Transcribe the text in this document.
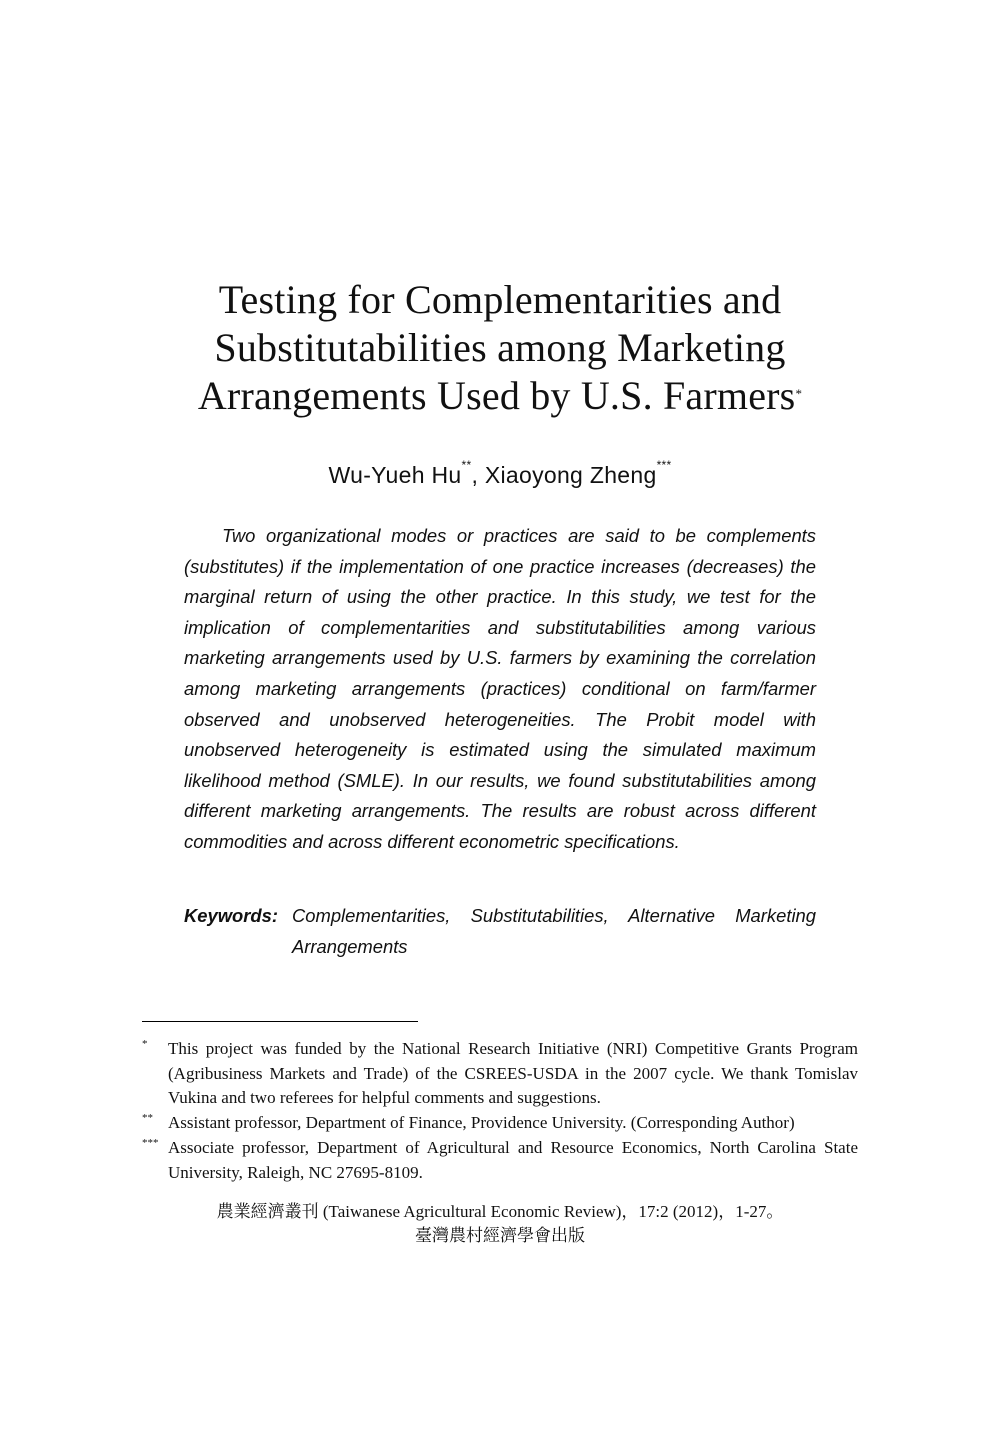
Testing for Complementarities and
Substitutabilities among Marketing
Arrangements Used by U.S. Farmers*
Wu-Yueh Hu**, Xiaoyong Zheng***

Two organizational modes or practices are said to be complements (substitutes) if the implementation of one practice increases (decreases) the marginal return of using the other practice. In this study, we test for the implication of complementarities and substitutabilities among various marketing arrangements used by U.S. farmers by examining the correlation among marketing arrangements (practices) conditional on farm/farmer observed and unobserved heterogeneities. The Probit model with unobserved heterogeneity is estimated using the simulated maximum likelihood method (SMLE). In our results, we found substitutabilities among different marketing arrangements. The results are robust across different commodities and across different econometric specifications.

Keywords: Complementarities, Substitutabilities, Alternative Marketing Arrangements
*	This project was funded by the National Research Initiative (NRI) Competitive Grants Program (Agribusiness Markets and Trade) of the CSREES-USDA in the 2007 cycle. We thank Tomislav Vukina and two referees for helpful comments and suggestions.
** Assistant professor, Department of Finance, Providence University. (Corresponding Author)
*** Associate professor, Department of Agricultural and Resource Economics, North Carolina State University, Raleigh, NC 27695-8109.
農業經濟叢刊 (Taiwanese Agricultural Economic Review)，17:2 (2012)，1-27。
臺灣農村經濟學會出版
